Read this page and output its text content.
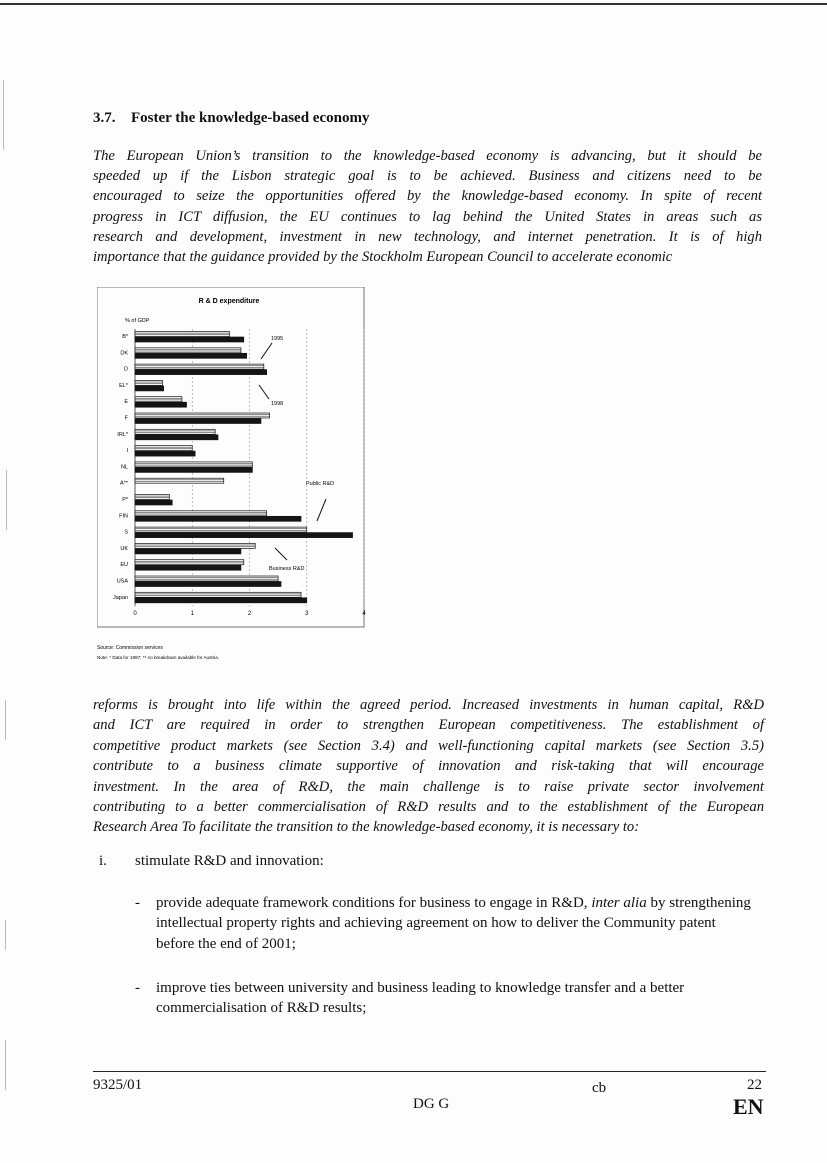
3.7. Foster the knowledge-based economy
The European Union’s transition to the knowledge-based economy is advancing, but it should be
speeded up if the Lisbon strategic goal is to be achieved. Business and citizens need to be
encouraged to seize the opportunities offered by the knowledge-based economy. In spite of recent
progress in ICT diffusion, the EU continues to lag behind the United States in areas such as
research and development, investment in new technology, and internet penetration. It is of high
importance that the guidance provided by the Stockholm European Council to accelerate economic
R & D expenditure
% of GDP
B*
DK
D
EL*
E
F
IRL*
I
NL
A**
P*
FIN
S
UK
EU
USA
Japan
0	1	2	3	4
1995
1998
Public R&D
Business R&D
Source: Commission services
Note: * Data for 1997; ** no breakdown available for Austria.
reforms is brought into life within the agreed period. Increased investments in human capital, R&D
and ICT are required in order to strengthen European competitiveness. The establishment of
competitive product markets (see Section 3.4) and well-functioning capital markets (see Section 3.5)
contribute to a business climate supportive of innovation and risk-taking that will encourage
investment. In the area of R&D, the main challenge is to raise private sector involvement
contributing to a better commercialisation of R&D results and to the establishment of the European
Research Area To facilitate the transition to the knowledge-based economy, it is necessary to:
i. stimulate R&D and innovation:
- provide adequate framework conditions for business to engage in R&D, inter alia by strengthening intellectual property rights and achieving agreement on how to deliver the Community patent before the end of 2001;
- improve ties between university and business leading to knowledge transfer and a better commercialisation of R&D results;
9325/01	cb	22
DG G	EN
